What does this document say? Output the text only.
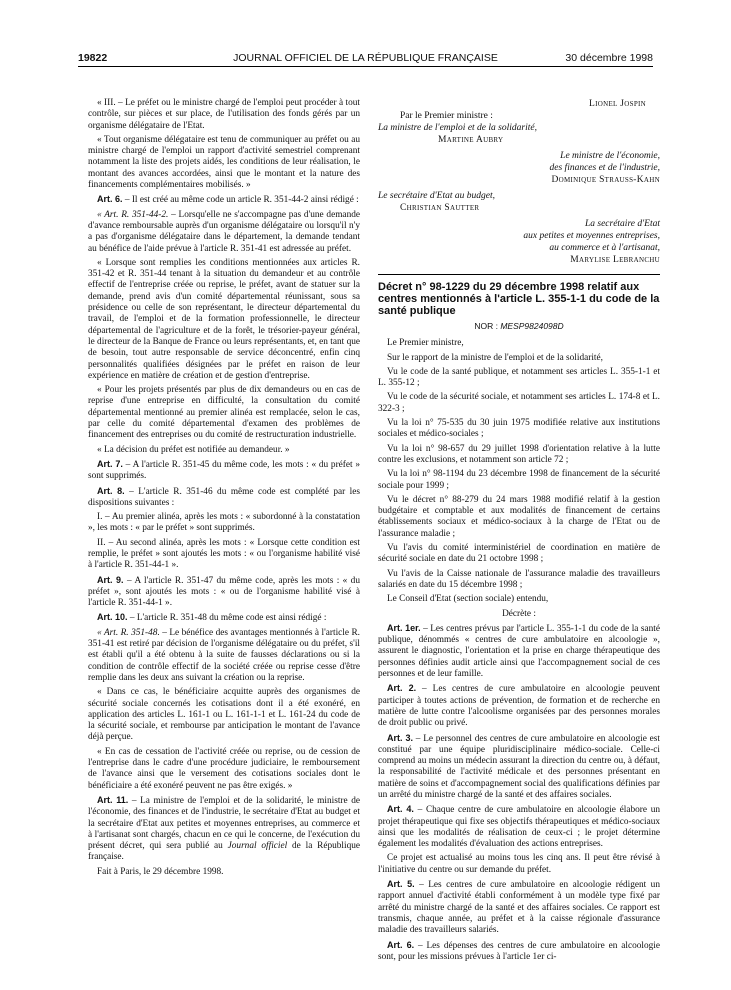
19822	JOURNAL OFFICIEL DE LA RÉPUBLIQUE FRANÇAISE	30 décembre 1998

« III. – Le préfet ou le ministre chargé de l'emploi peut procéder à tout contrôle, sur pièces et sur place, de l'utilisation des fonds gérés par un organisme délégataire de l'Etat.

« Tout organisme délégataire est tenu de communiquer au préfet ou au ministre chargé de l'emploi un rapport d'activité semestriel comprenant notamment la liste des projets aidés, les conditions de leur réalisation, le montant des avances accordées, ainsi que le montant et la nature des financements complémentaires mobilisés. »

Art. 6. – Il est créé au même code un article R. 351-44-2 ainsi rédigé :

« Art. R. 351-44-2. – Lorsqu'elle ne s'accompagne pas d'une demande d'avance remboursable auprès d'un organisme délégataire ou lorsqu'il n'y a pas d'organisme délégataire dans le département, la demande tendant au bénéfice de l'aide prévue à l'article R. 351-41 est adressée au préfet.

« Lorsque sont remplies les conditions mentionnées aux articles R. 351-42 et R. 351-44 tenant à la situation du demandeur et au contrôle effectif de l'entreprise créée ou reprise, le préfet, avant de statuer sur la demande, prend avis d'un comité départemental réunissant, sous sa présidence ou celle de son représentant, le directeur départemental du travail, de l'emploi et de la formation professionnelle, le directeur départemental de l'agriculture et de la forêt, le trésorier-payeur général, le directeur de la Banque de France ou leurs représentants, et, en tant que de besoin, tout autre responsable de service déconcentré, enfin cinq personnalités qualifiées désignées par le préfet en raison de leur expérience en matière de création et de gestion d'entreprise.

« Pour les projets présentés par plus de dix demandeurs ou en cas de reprise d'une entreprise en difficulté, la consultation du comité départemental mentionné au premier alinéa est remplacée, selon le cas, par celle du comité départemental d'examen des problèmes de financement des entreprises ou du comité de restructuration industrielle.

« La décision du préfet est notifiée au demandeur. »

Art. 7. – A l'article R. 351-45 du même code, les mots : « du préfet » sont supprimés.

Art. 8. – L'article R. 351-46 du même code est complété par les dispositions suivantes :

I. – Au premier alinéa, après les mots : « subordonné à la constatation », les mots : « par le préfet » sont supprimés.

II. – Au second alinéa, après les mots : « Lorsque cette condition est remplie, le préfet » sont ajoutés les mots : « ou l'organisme habilité visé à l'article R. 351-44-1 ».

Art. 9. – A l'article R. 351-47 du même code, après les mots : « du préfet », sont ajoutés les mots : « ou de l'organisme habilité visé à l'article R. 351-44-1 ».

Art. 10. – L'article R. 351-48 du même code est ainsi rédigé :

« Art. R. 351-48. – Le bénéfice des avantages mentionnés à l'article R. 351-41 est retiré par décision de l'organisme délégataire ou du préfet, s'il est établi qu'il a été obtenu à la suite de fausses déclarations ou si la condition de contrôle effectif de la société créée ou reprise cesse d'être remplie dans les deux ans suivant la création ou la reprise.

« Dans ce cas, le bénéficiaire acquitte auprès des organismes de sécurité sociale concernés les cotisations dont il a été exonéré, en application des articles L. 161-1 ou L. 161-1-1 et L. 161-24 du code de la sécurité sociale, et rembourse par anticipation le montant de l'avance déjà perçue.

« En cas de cessation de l'activité créée ou reprise, ou de cession de l'entreprise dans le cadre d'une procédure judiciaire, le remboursement de l'avance ainsi que le versement des cotisations sociales dont le bénéficiaire a été exonéré peuvent ne pas être exigés. »

Art. 11. – La ministre de l'emploi et de la solidarité, le ministre de l'économie, des finances et de l'industrie, le secrétaire d'Etat au budget et la secrétaire d'Etat aux petites et moyennes entreprises, au commerce et à l'artisanat sont chargés, chacun en ce qui le concerne, de l'exécution du présent décret, qui sera publié au Journal officiel de la République française.

Fait à Paris, le 29 décembre 1998.

Lionel Jospin
Par le Premier ministre :
La ministre de l'emploi et de la solidarité,
Martine Aubry
Le ministre de l'économie,
des finances et de l'industrie,
Dominique Strauss-Kahn
Le secrétaire d'Etat au budget,
Christian Sautter
La secrétaire d'Etat
aux petites et moyennes entreprises,
au commerce et à l'artisanat,
Marylise Lebranchu
Décret n° 98-1229 du 29 décembre 1998 relatif aux centres mentionnés à l'article L. 355-1-1 du code de la santé publique
NOR : MESP9824098D

Le Premier ministre,

Sur le rapport de la ministre de l'emploi et de la solidarité,

Vu le code de la santé publique, et notamment ses articles L. 355-1-1 et L. 355-12 ;

Vu le code de la sécurité sociale, et notamment ses articles L. 174-8 et L. 322-3 ;

Vu la loi n° 75-535 du 30 juin 1975 modifiée relative aux institutions sociales et médico-sociales ;

Vu la loi n° 98-657 du 29 juillet 1998 d'orientation relative à la lutte contre les exclusions, et notamment son article 72 ;

Vu la loi n° 98-1194 du 23 décembre 1998 de financement de la sécurité sociale pour 1999 ;

Vu le décret n° 88-279 du 24 mars 1988 modifié relatif à la gestion budgétaire et comptable et aux modalités de financement de certains établissements sociaux et médico-sociaux à la charge de l'Etat ou de l'assurance maladie ;

Vu l'avis du comité interministériel de coordination en matière de sécurité sociale en date du 21 octobre 1998 ;

Vu l'avis de la Caisse nationale de l'assurance maladie des travailleurs salariés en date du 15 décembre 1998 ;

Le Conseil d'Etat (section sociale) entendu,

Décrète :

Art. 1er. – Les centres prévus par l'article L. 355-1-1 du code de la santé publique, dénommés « centres de cure ambulatoire en alcoologie », assurent le diagnostic, l'orientation et la prise en charge thérapeutique des personnes définies audit article ainsi que l'accompagnement social de ces personnes et de leur famille.

Art. 2. – Les centres de cure ambulatoire en alcoologie peuvent participer à toutes actions de prévention, de formation et de recherche en matière de lutte contre l'alcoolisme organisées par des personnes morales de droit public ou privé.

Art. 3. – Le personnel des centres de cure ambulatoire en alcoologie est constitué par une équipe pluridisciplinaire médico-sociale. Celle-ci comprend au moins un médecin assurant la direction du centre ou, à défaut, la responsabilité de l'activité médicale et des personnes présentant en matière de soins et d'accompagnement social des qualifications définies par un arrêté du ministre chargé de la santé et des affaires sociales.

Art. 4. – Chaque centre de cure ambulatoire en alcoologie élabore un projet thérapeutique qui fixe ses objectifs thérapeutiques et médico-sociaux ainsi que les modalités de réalisation de ceux-ci ; le projet détermine également les modalités d'évaluation des actions entreprises.

Ce projet est actualisé au moins tous les cinq ans. Il peut être révisé à l'initiative du centre ou sur demande du préfet.

Art. 5. – Les centres de cure ambulatoire en alcoologie rédigent un rapport annuel d'activité établi conformément à un modèle type fixé par arrêté du ministre chargé de la santé et des affaires sociales. Ce rapport est transmis, chaque année, au préfet et à la caisse régionale d'assurance maladie des travailleurs salariés.

Art. 6. – Les dépenses des centres de cure ambulatoire en alcoologie sont, pour les missions prévues à l'article 1er ci-
